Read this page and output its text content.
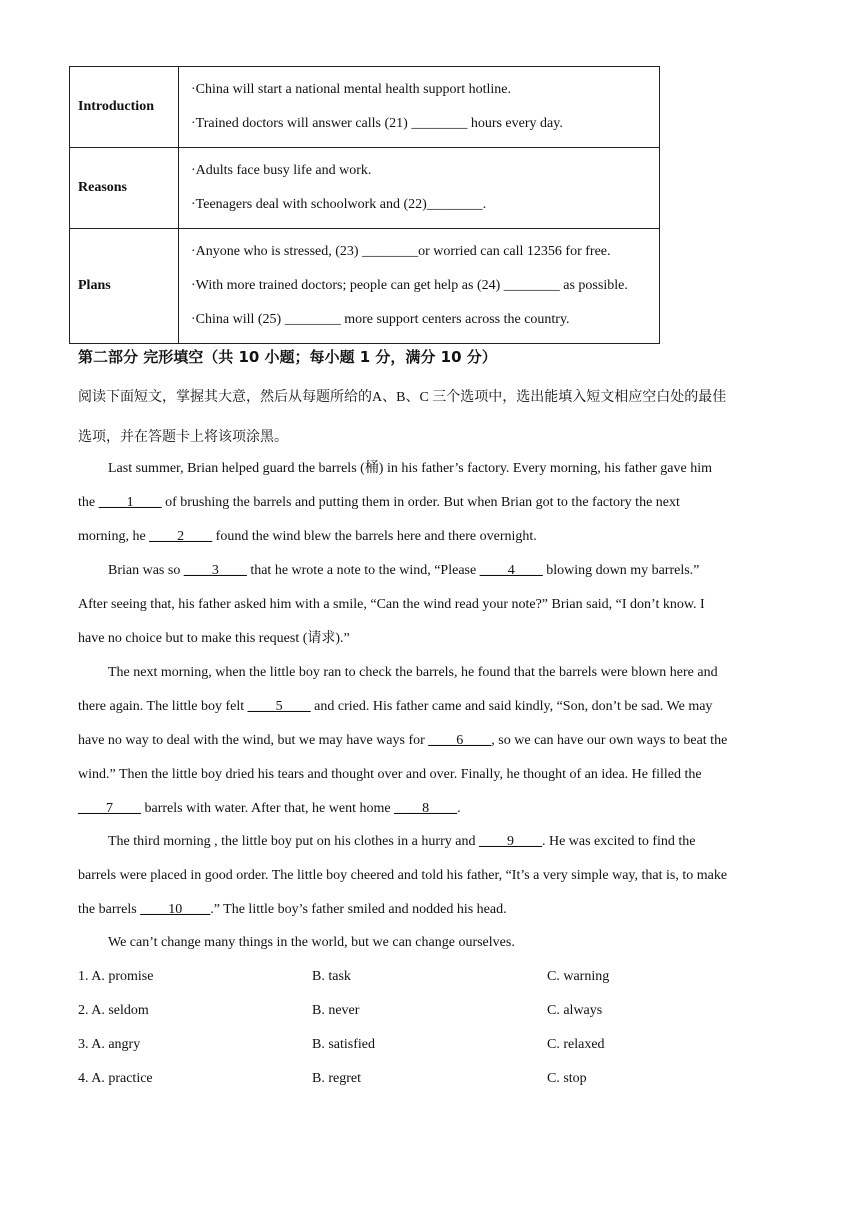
Introduction	·China will start a national mental health support hotline.
·Trained doctors will answer calls (21) ________ hours every day.

Reasons	·Adults face busy life and work.
·Teenagers deal with schoolwork and (22)________.

Plans	·Anyone who is stressed, (23) ________or worried can call 12356 for free.
·With more trained doctors; people can get help as (24) ________ as possible.
·China will (25) ________ more support centers across the country.
第二部分 完形填空（共 10 小题；每小题 1 分，满分 10 分）
阅读下面短文，掌握其大意，然后从每题所给的A、B、C 三个选项中，选出能填入短文相应空白处的最佳
选项，并在答题卡上将该项涂黑。
Last summer, Brian helped guard the barrels (桶) in his father’s factory. Every morning, his father gave him
the ____1____ of brushing the barrels and putting them in order. But when Brian got to the factory the next
morning, he ____2____ found the wind blew the barrels here and there overnight.
Brian was so ____3____ that he wrote a note to the wind, “Please ____4____ blowing down my barrels.”
After seeing that, his father asked him with a smile, “Can the wind read your note?” Brian said, “I don’t know. I
have no choice but to make this request (请求).”
The next morning, when the little boy ran to check the barrels, he found that the barrels were blown here and
there again. The little boy felt ____5____ and cried. His father came and said kindly, “Son, don’t be sad. We may
have no way to deal with the wind, but we may have ways for ____6____, so we can have our own ways to beat the
wind.” Then the little boy dried his tears and thought over and over. Finally, he thought of an idea. He filled the
____7____ barrels with water. After that, he went home ____8____.
The third morning , the little boy put on his clothes in a hurry and ____9____. He was excited to find the
barrels were placed in good order. The little boy cheered and told his father, “It’s a very simple way, that is, to make
the barrels ____10____.” The little boy’s father smiled and nodded his head.
We can’t change many things in the world, but we can change ourselves.
1. A. promise	B. task	C. warning
2. A. seldom	B. never	C. always
3. A. angry	B. satisfied	C. relaxed
4. A. practice	B. regret	C. stop
